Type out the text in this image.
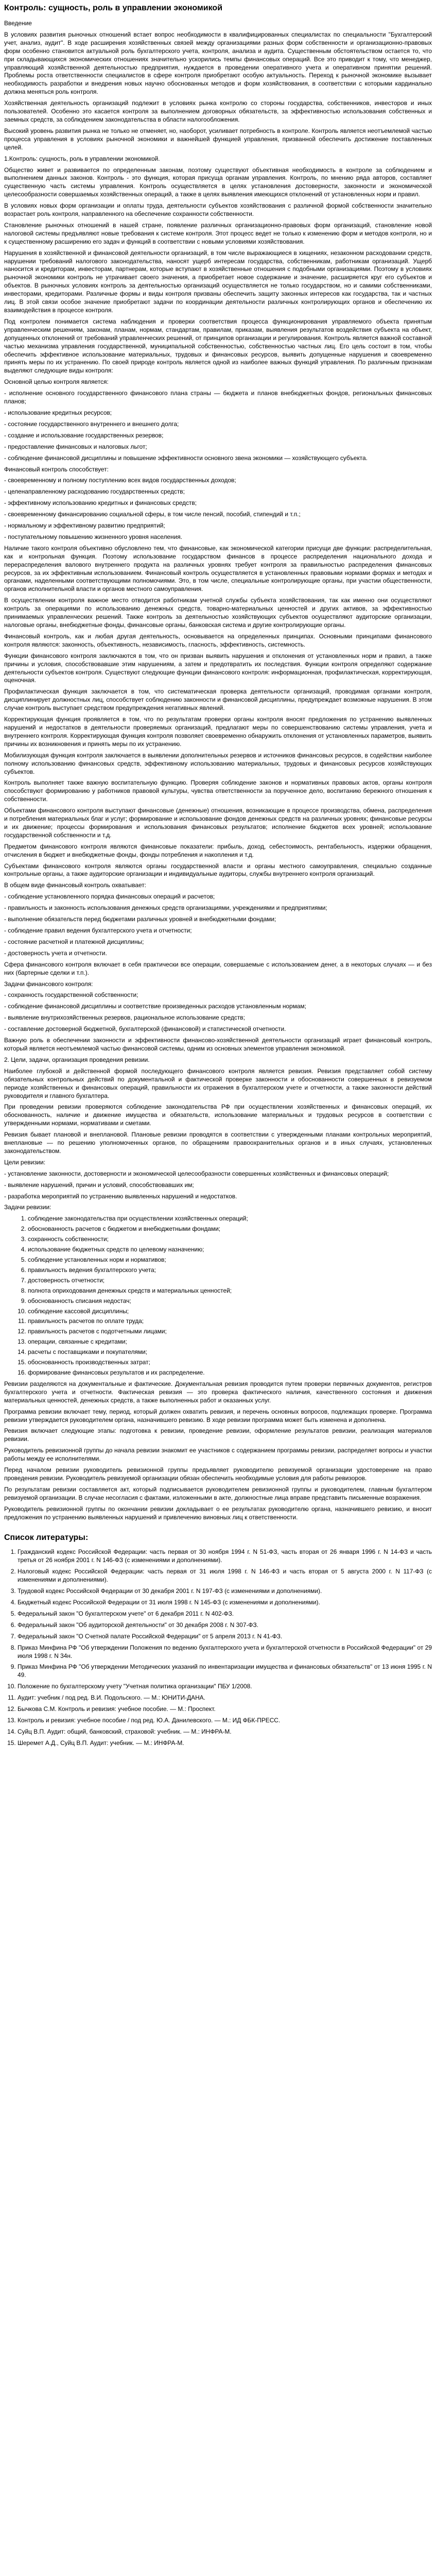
Контроль: сущность, роль в управлении экономикой

Введение

В условиях развития рыночных отношений встает вопрос необходимости в квалифицированных специалистах по специальности "Бухгалтерский учет, анализ, аудит". В ходе расширения хозяйственных связей между организациями разных форм собственности и организационно-правовых форм особенно становится актуальной роль бухгалтерского учета, контроля, анализа и аудита. Существенным обстоятельством остается то, что при складывающихся экономических отношениях значительно ускорились темпы финансовых операций. Все это приводит к тому, что менеджер, управляющий хозяйственной деятельностью предприятия, нуждается в проведении оперативного учета и оперативном принятии решений. Проблемы роста ответственности специалистов в сфере контроля приобретают особую актуальность. Переход к рыночной экономике вызывает необходимость разработки и внедрения новых научно обоснованных методов и форм хозяйствования, в соответствии с которыми кардинально должна меняться роль контроля.

Хозяйственная деятельность организаций подлежит в условиях рынка контролю со стороны государства, собственников, инвесторов и иных пользователей. Особенно это касается контроля за выполнением договорных обязательств, за эффективностью использования собственных и заемных средств, за соблюдением законодательства в области налогообложения.

Высокий уровень развития рынка не только не отменяет, но, наоборот, усиливает потребность в контроле. Контроль является неотъемлемой частью процесса управления в условиях рыночной экономики и важнейшей функцией управления, призванной обеспечить достижение поставленных целей.

1.Контроль: сущность, роль в управлении экономикой.

Общество живет и развивается по определенным законам, поэтому существуют объективная необходимость в контроле за соблюдением и выполнением данных законов. Контроль - это функция, которая присуща органам управления. Контроль, по мнению ряда авторов, составляет существенную часть системы управления. Контроль осуществляется в целях установления достоверности, законности и экономической целесообразности совершаемых хозяйственных операций, а также в целях выявления имеющихся отклонений от установленных норм и правил.

В условиях новых форм организации и оплаты труда, деятельности субъектов хозяйствования с различной формой собственности значительно возрастает роль контроля, направленного на обеспечение сохранности собственности.

Становление рыночных отношений в нашей стране, появление различных организационно-правовых форм организаций, становление новой налоговой системы предъявляют новые требования к системе контроля. Этот процесс ведет не только к изменению форм и методов контроля, но и к существенному расширению его задач и функций в соответствии с новыми условиями хозяйствования.

Нарушения в хозяйственной и финансовой деятельности организаций, в том числе выражающиеся в хищениях, незаконном расходовании средств, нарушении требований налогового законодательства, наносят ущерб интересам государства, собственникам, работникам организаций. Ущерб наносится и кредиторам, инвесторам, партнерам, которые вступают в хозяйственные отношения с подобными организациями. Поэтому в условиях рыночной экономики контроль не утрачивает своего значения, а приобретает новое содержание и значение, расширяется круг его субъектов и объектов. В рыночных условиях контроль за деятельностью организаций осуществляется не только государством, но и самими собственниками, инвесторами, кредиторами. Различные формы и виды контроля призваны обеспечить защиту законных интересов как государства, так и частных лиц. В этой связи особое значение приобретают задачи по координации деятельности различных контролирующих органов и обеспечению их взаимодействия в процессе контроля.

Под контролем понимается система наблюдения и проверки соответствия процесса функционирования управляемого объекта принятым управленческим решениям, законам, планам, нормам, стандартам, правилам, приказам, выявления результатов воздействия субъекта на объект, допущенных отклонений от требований управленческих решений, от принципов организации и регулирования. Контроль является важной составной частью механизма управления государственной, муниципальной собственностью, собственностью частных лиц. Его цель состоит в том, чтобы обеспечить эффективное использование материальных, трудовых и финансовых ресурсов, выявить допущенные нарушения и своевременно принять меры по их устранению. По своей природе контроль является одной из наиболее важных функций управления. По различным признакам выделяют следующие виды контроля:

Основной целью контроля является:

- исполнение основного государственного финансового плана страны — бюджета и планов внебюджетных фондов, региональных финансовых планов;

- использование кредитных ресурсов;

- состояние государственного внутреннего и внешнего долга;

- создание и использование государственных резервов;

- предоставление финансовых и налоговых льгот;

- соблюдение финансовой дисциплины и повышение эффективности основного звена экономики — хозяйствующего субъекта.

Финансовый контроль способствует:

- своевременному и полному поступлению всех видов государственных доходов;

- целенаправленному расходованию государственных средств;

- эффективному использованию кредитных и финансовых средств;

- своевременному финансированию социальной сферы, в том числе пенсий, пособий, стипендий и т.п.;

- нормальному и эффективному развитию предприятий;

- поступательному повышению жизненного уровня населения.

Наличие такого контроля объективно обусловлено тем, что финансовые, как экономической категории присущи две функции: распределительная, как и контрольная функция. Поэтому использование государством финансов в процессе распределения национального дохода и перераспределения валового внутреннего продукта на различных уровнях требует контроля за правильностью распределения финансовых ресурсов, за их эффективным использованием. Финансовый контроль осуществляется в установленных правовыми нормами формах и методах и органами, наделенными соответствующими полномочиями. Это, в том числе, специальные контролирующие органы, при участии общественности, органов исполнительной власти и органов местного самоуправления.

В осуществлении контроля важное место отводится работникам учетной службы субъекта хозяйствования, так как именно они осуществляют контроль за операциями по использованию денежных средств, товарно-материальных ценностей и других активов, за эффективностью принимаемых управленческих решений. Также контроль за деятельностью хозяйствующих субъектов осуществляют аудиторские организации, налоговые органы, внебюджетные фонды, финансовые органы, банковская система и другие контролирующие органы.

Финансовый контроль, как и любая другая деятельность, основывается на определенных принципах. Основными принципами финансового контроля являются: законность, объективность, независимость, гласность, эффективность, системность.

Функции финансового контроля заключаются в том, что он призван выявить нарушения и отклонения от установленных норм и правил, а также причины и условия, способствовавшие этим нарушениям, а затем и предотвратить их последствия. Функции контроля определяют содержание деятельности субъектов контроля. Существуют следующие функции финансового контроля: информационная, профилактическая, корректирующая, оценочная.

Профилактическая функция заключается в том, что систематическая проверка деятельности организаций, проводимая органами контроля, дисциплинирует должностных лиц, способствует соблюдению законности и финансовой дисциплины, предупреждает возможные нарушения. В этом случае контроль выступает средством предупреждения негативных явлений.

Корректирующая функция проявляется в том, что по результатам проверки органы контроля вносят предложения по устранению выявленных нарушений и недостатков в деятельности проверяемых организаций, предлагают меры по совершенствованию системы управления, учета и внутреннего контроля. Корректирующая функция контроля позволяет своевременно обнаружить отклонения от установленных параметров, выявить причины их возникновения и принять меры по их устранению.

Мобилизующая функция контроля заключается в выявлении дополнительных резервов и источников финансовых ресурсов, в содействии наиболее полному использованию финансовых средств, эффективному использованию материальных, трудовых и финансовых ресурсов хозяйствующих субъектов.

Контроль выполняет также важную воспитательную функцию. Проверяя соблюдение законов и нормативных правовых актов, органы контроля способствуют формированию у работников правовой культуры, чувства ответственности за порученное дело, воспитанию бережного отношения к собственности.

Объектами финансового контроля выступают финансовые (денежные) отношения, возникающие в процессе производства, обмена, распределения и потребления материальных благ и услуг; формирование и использование фондов денежных средств на различных уровнях; финансовые ресурсы и их движение; процессы формирования и использования финансовых результатов; исполнение бюджетов всех уровней; использование государственной собственности и т.д.

Предметом финансового контроля являются финансовые показатели: прибыль, доход, себестоимость, рентабельность, издержки обращения, отчисления в бюджет и внебюджетные фонды, фонды потребления и накопления и т.д.

Субъектами финансового контроля являются органы государственной власти и органы местного самоуправления, специально созданные контрольные органы, а также аудиторские организации и индивидуальные аудиторы, службы внутреннего контроля организаций.

В общем виде финансовый контроль охватывает:

- соблюдение установленного порядка финансовых операций и расчетов;

- правильность и законность использования денежных средств организациями, учреждениями и предприятиями;

- выполнение обязательств перед бюджетами различных уровней и внебюджетными фондами;

- соблюдение правил ведения бухгалтерского учета и отчетности;

- состояние расчетной и платежной дисциплины;

- достоверность учета и отчетности.

Сфера финансового контроля включает в себя практически все операции, совершаемые с использованием денег, а в некоторых случаях — и без них (бартерные сделки и т.п.).

Задачи финансового контроля:

- сохранность государственной собственности;

- соблюдение финансовой дисциплины и соответствие произведенных расходов установленным нормам;

- выявление внутрихозяйственных резервов, рациональное использование средств;

- составление достоверной бюджетной, бухгалтерской (финансовой) и статистической отчетности.

Важную роль в обеспечении законности и эффективности финансово-хозяйственной деятельности организаций играет финансовый контроль, который является неотъемлемой частью финансовой системы, одним из основных элементов управления экономикой.

2. Цели, задачи, организация проведения ревизии.

Наиболее глубокой и действенной формой последующего финансового контроля является ревизия. Ревизия представляет собой систему обязательных контрольных действий по документальной и фактической проверке законности и обоснованности совершенных в ревизуемом периоде хозяйственных и финансовых операций, правильности их отражения в бухгалтерском учете и отчетности, а также законности действий руководителя и главного бухгалтера.

При проведении ревизии проверяются соблюдение законодательства РФ при осуществлении хозяйственных и финансовых операций, их обоснованность, наличие и движение имущества и обязательств, использование материальных и трудовых ресурсов в соответствии с утвержденными нормами, нормативами и сметами.

Ревизия бывает плановой и внеплановой. Плановые ревизии проводятся в соответствии с утвержденными планами контрольных мероприятий, внеплановые — по решению уполномоченных органов, по обращениям правоохранительных органов и в иных случаях, установленных законодательством.

Цели ревизии:

- установление законности, достоверности и экономической целесообразности совершенных хозяйственных и финансовых операций;

- выявление нарушений, причин и условий, способствовавших им;

- разработка мероприятий по устранению выявленных нарушений и недостатков.

Задачи ревизии:

1. соблюдение законодательства при осуществлении хозяйственных операций;
2. обоснованность расчетов с бюджетом и внебюджетными фондами;
3. сохранность собственности;
4. использование бюджетных средств по целевому назначению;
5. соблюдение установленных норм и нормативов;
6. правильность ведения бухгалтерского учета;
7. достоверность отчетности;
8. полнота оприходования денежных средств и материальных ценностей;
9. обоснованность списания недостач;
10. соблюдение кассовой дисциплины;
11. правильность расчетов по оплате труда;
12. правильность расчетов с подотчетными лицами;
13. операции, связанные с кредитами;
14. расчеты с поставщиками и покупателями;
15. обоснованность производственных затрат;
16. формирование финансовых результатов и их распределение.

Ревизии разделяются на документальные и фактические. Документальная ревизия проводится путем проверки первичных документов, регистров бухгалтерского учета и отчетности. Фактическая ревизия — это проверка фактического наличия, качественного состояния и движения материальных ценностей, денежных средств, а также выполненных работ и оказанных услуг.

Программа ревизии включает тему, период, который должен охватить ревизия, и перечень основных вопросов, подлежащих проверке. Программа ревизии утверждается руководителем органа, назначившего ревизию. В ходе ревизии программа может быть изменена и дополнена.

Ревизия включает следующие этапы: подготовка к ревизии, проведение ревизии, оформление результатов ревизии, реализация материалов ревизии.

Руководитель ревизионной группы до начала ревизии знакомит ее участников с содержанием программы ревизии, распределяет вопросы и участки работы между ее исполнителями.

Перед началом ревизии руководитель ревизионной группы предъявляет руководителю ревизуемой организации удостоверение на право проведения ревизии. Руководитель ревизуемой организации обязан обеспечить необходимые условия для работы ревизоров.

По результатам ревизии составляется акт, который подписывается руководителем ревизионной группы и руководителем, главным бухгалтером ревизуемой организации. В случае несогласия с фактами, изложенными в акте, должностные лица вправе представить письменные возражения.

Руководитель ревизионной группы по окончании ревизии докладывает о ее результатах руководителю органа, назначившего ревизию, и вносит предложения по устранению выявленных нарушений и привлечению виновных лиц к ответственности.

Список литературы:
1. Гражданский кодекс Российской Федерации: часть первая от 30 ноября 1994 г. N 51-ФЗ, часть вторая от 26 января 1996 г. N 14-ФЗ и часть третья от 26 ноября 2001 г. N 146-ФЗ (с изменениями и дополнениями).
2. Налоговый кодекс Российской Федерации: часть первая от 31 июля 1998 г. N 146-ФЗ и часть вторая от 5 августа 2000 г. N 117-ФЗ (с изменениями и дополнениями).
3. Трудовой кодекс Российской Федерации от 30 декабря 2001 г. N 197-ФЗ (с изменениями и дополнениями).
4. Бюджетный кодекс Российской Федерации от 31 июля 1998 г. N 145-ФЗ (с изменениями и дополнениями).
5. Федеральный закон "О бухгалтерском учете" от 6 декабря 2011 г. N 402-ФЗ.
6. Федеральный закон "Об аудиторской деятельности" от 30 декабря 2008 г. N 307-ФЗ.
7. Федеральный закон "О Счетной палате Российской Федерации" от 5 апреля 2013 г. N 41-ФЗ.
8. Приказ Минфина РФ "Об утверждении Положения по ведению бухгалтерского учета и бухгалтерской отчетности в Российской Федерации" от 29 июля 1998 г. N 34н.
9. Приказ Минфина РФ "Об утверждении Методических указаний по инвентаризации имущества и финансовых обязательств" от 13 июня 1995 г. N 49.
10. Положение по бухгалтерскому учету "Учетная политика организации" ПБУ 1/2008.
11. Аудит: учебник / под ред. В.И. Подольского. — М.: ЮНИТИ-ДАНА.
12. Бычкова С.М. Контроль и ревизия: учебное пособие. — М.: Проспект.
13. Контроль и ревизия: учебное пособие / под ред. Ю.А. Данилевского. — М.: ИД ФБК-ПРЕСС.
14. Суйц В.П. Аудит: общий, банковский, страховой: учебник. — М.: ИНФРА-М.
15. Шеремет А.Д., Суйц В.П. Аудит: учебник. — М.: ИНФРА-М.
